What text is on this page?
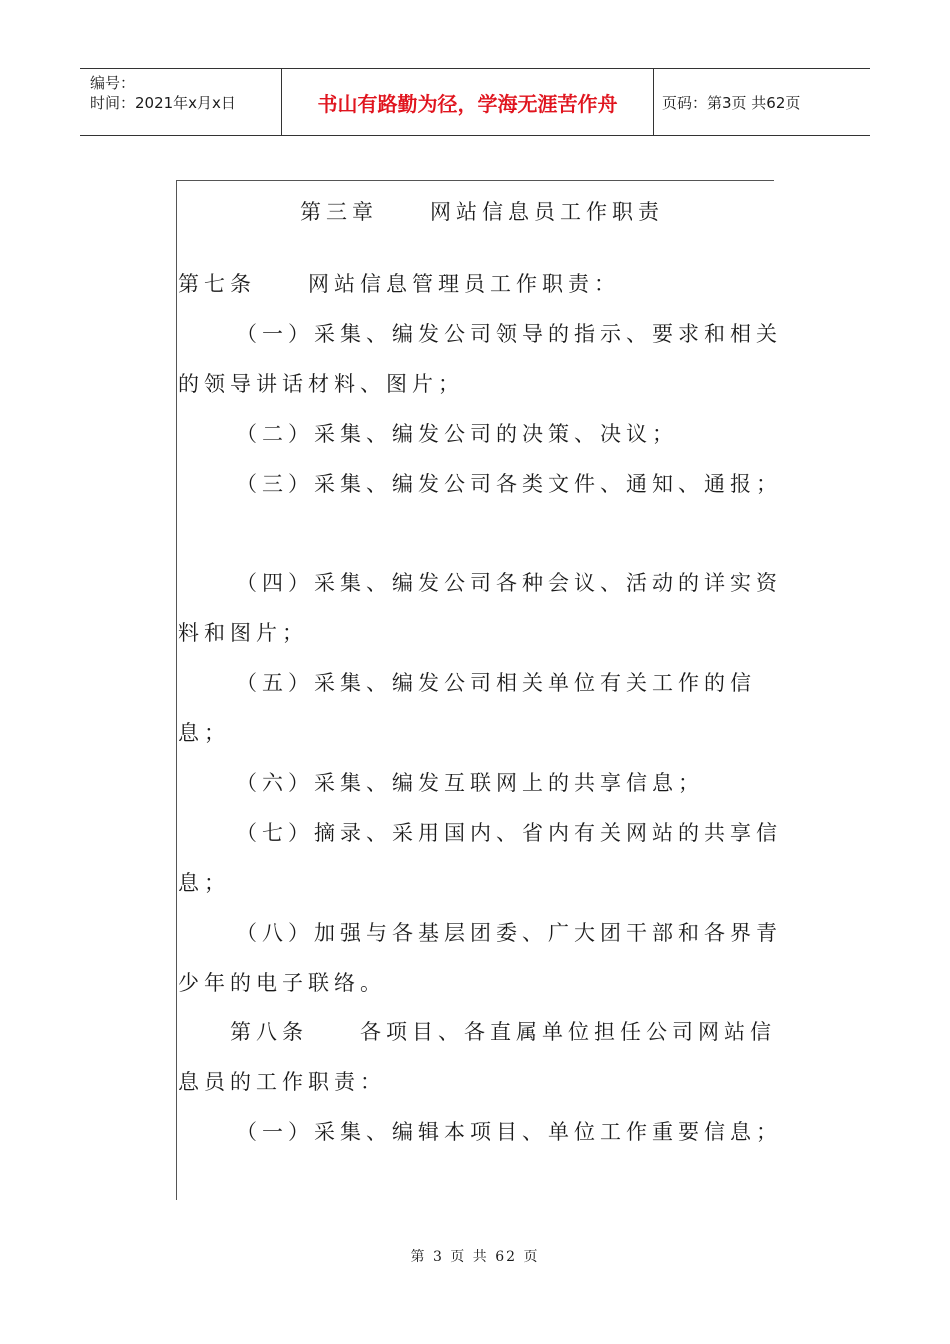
编号：
时间：2021年x月x日	书山有路勤为径，学海无涯苦作舟	页码：第3页 共62页
第三章　　网站信息员工作职责
第七条　　网站信息管理员工作职责：
（一）采集、编发公司领导的指示、要求和相关
的领导讲话材料、图片；
（二）采集、编发公司的决策、决议；
（三）采集、编发公司各类文件、通知、通报；
（四）采集、编发公司各种会议、活动的详实资
料和图片；
（五）采集、编发公司相关单位有关工作的信
息；
（六）采集、编发互联网上的共享信息；
（七）摘录、采用国内、省内有关网站的共享信
息；
（八）加强与各基层团委、广大团干部和各界青
少年的电子联络。
第八条　　各项目、各直属单位担任公司网站信
息员的工作职责：
（一）采集、编辑本项目、单位工作重要信息；
第 3 页 共 62 页
